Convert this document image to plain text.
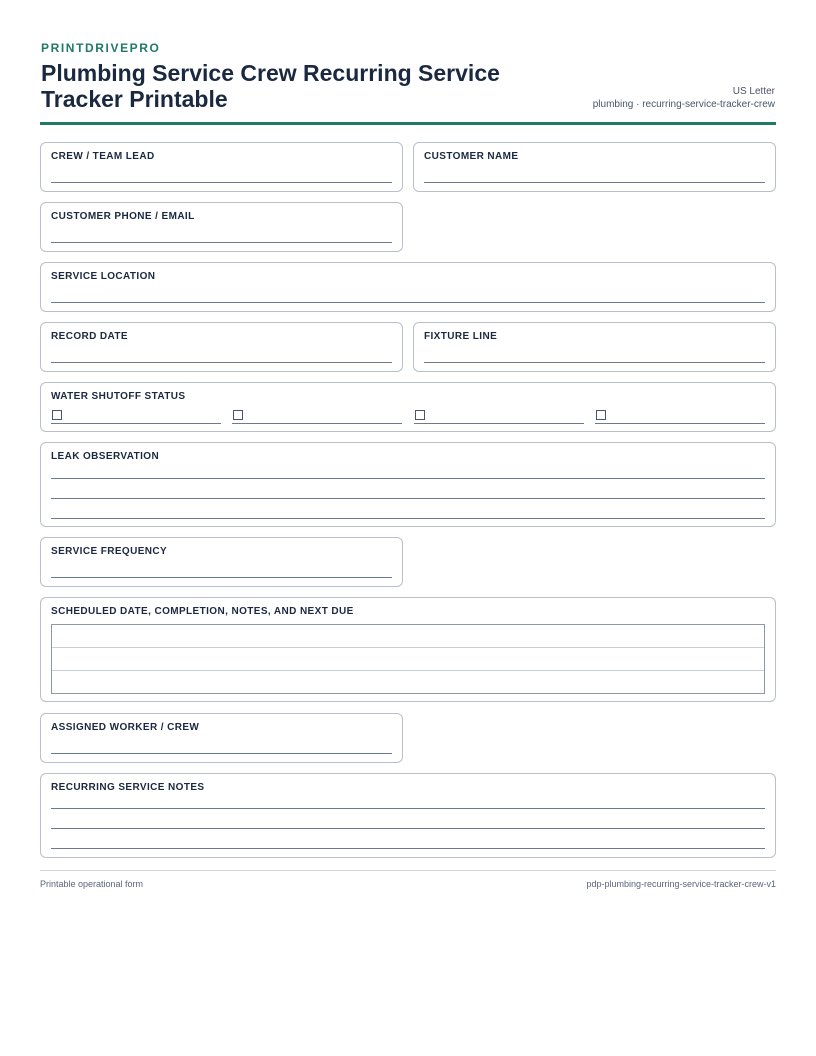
PRINTDRIVEPRO
Plumbing Service Crew Recurring Service Tracker Printable	US Letter
plumbing · recurring-service-tracker-crew
CREW / TEAM LEAD	CUSTOMER NAME
CUSTOMER PHONE / EMAIL
SERVICE LOCATION
RECORD DATE	FIXTURE LINE
WATER SHUTOFF STATUS
LEAK OBSERVATION
SERVICE FREQUENCY
SCHEDULED DATE, COMPLETION, NOTES, AND NEXT DUE
ASSIGNED WORKER / CREW
RECURRING SERVICE NOTES
Printable operational form	pdp-plumbing-recurring-service-tracker-crew-v1
